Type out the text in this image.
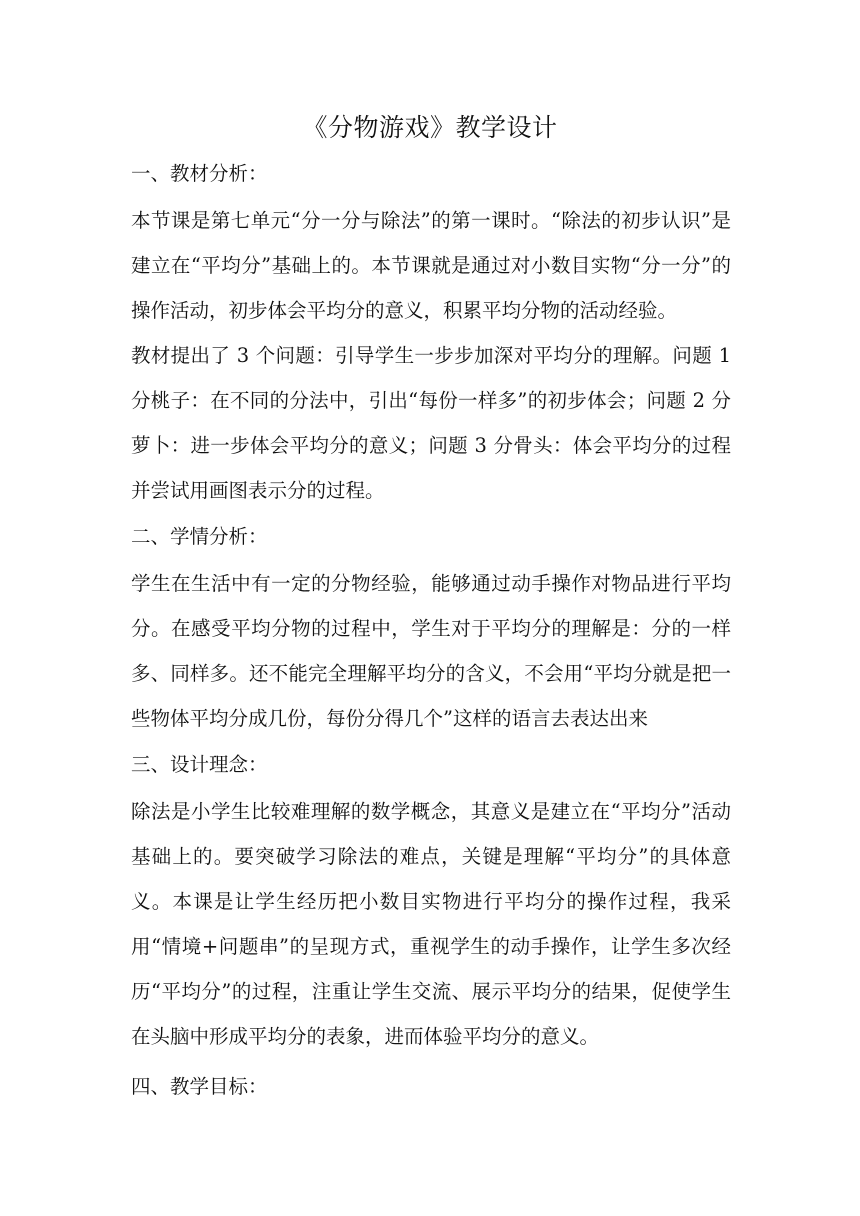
《分物游戏》教学设计
一、教材分析：

本节课是第七单元“分一分与除法”的第一课时。“除法的初步认识”是建立在“平均分”基础上的。本节课就是通过对小数目实物“分一分”的操作活动，初步体会平均分的意义，积累平均分物的活动经验。

教材提出了 3 个问题：引导学生一步步加深对平均分的理解。问题 1 分桃子：在不同的分法中，引出“每份一样多”的初步体会；问题 2 分萝卜：进一步体会平均分的意义；问题 3 分骨头：体会平均分的过程并尝试用画图表示分的过程。

二、学情分析：

学生在生活中有一定的分物经验，能够通过动手操作对物品进行平均分。在感受平均分物的过程中，学生对于平均分的理解是：分的一样多、同样多。还不能完全理解平均分的含义，不会用“平均分就是把一些物体平均分成几份，每份分得几个”这样的语言去表达出来

三、设计理念：

除法是小学生比较难理解的数学概念，其意义是建立在“平均分”活动基础上的。要突破学习除法的难点，关键是理解“平均分”的具体意义。本课是让学生经历把小数目实物进行平均分的操作过程，我采用“情境+问题串”的呈现方式，重视学生的动手操作，让学生多次经历“平均分”的过程，注重让学生交流、展示平均分的结果，促使学生在头脑中形成平均分的表象，进而体验平均分的意义。

四、教学目标：
